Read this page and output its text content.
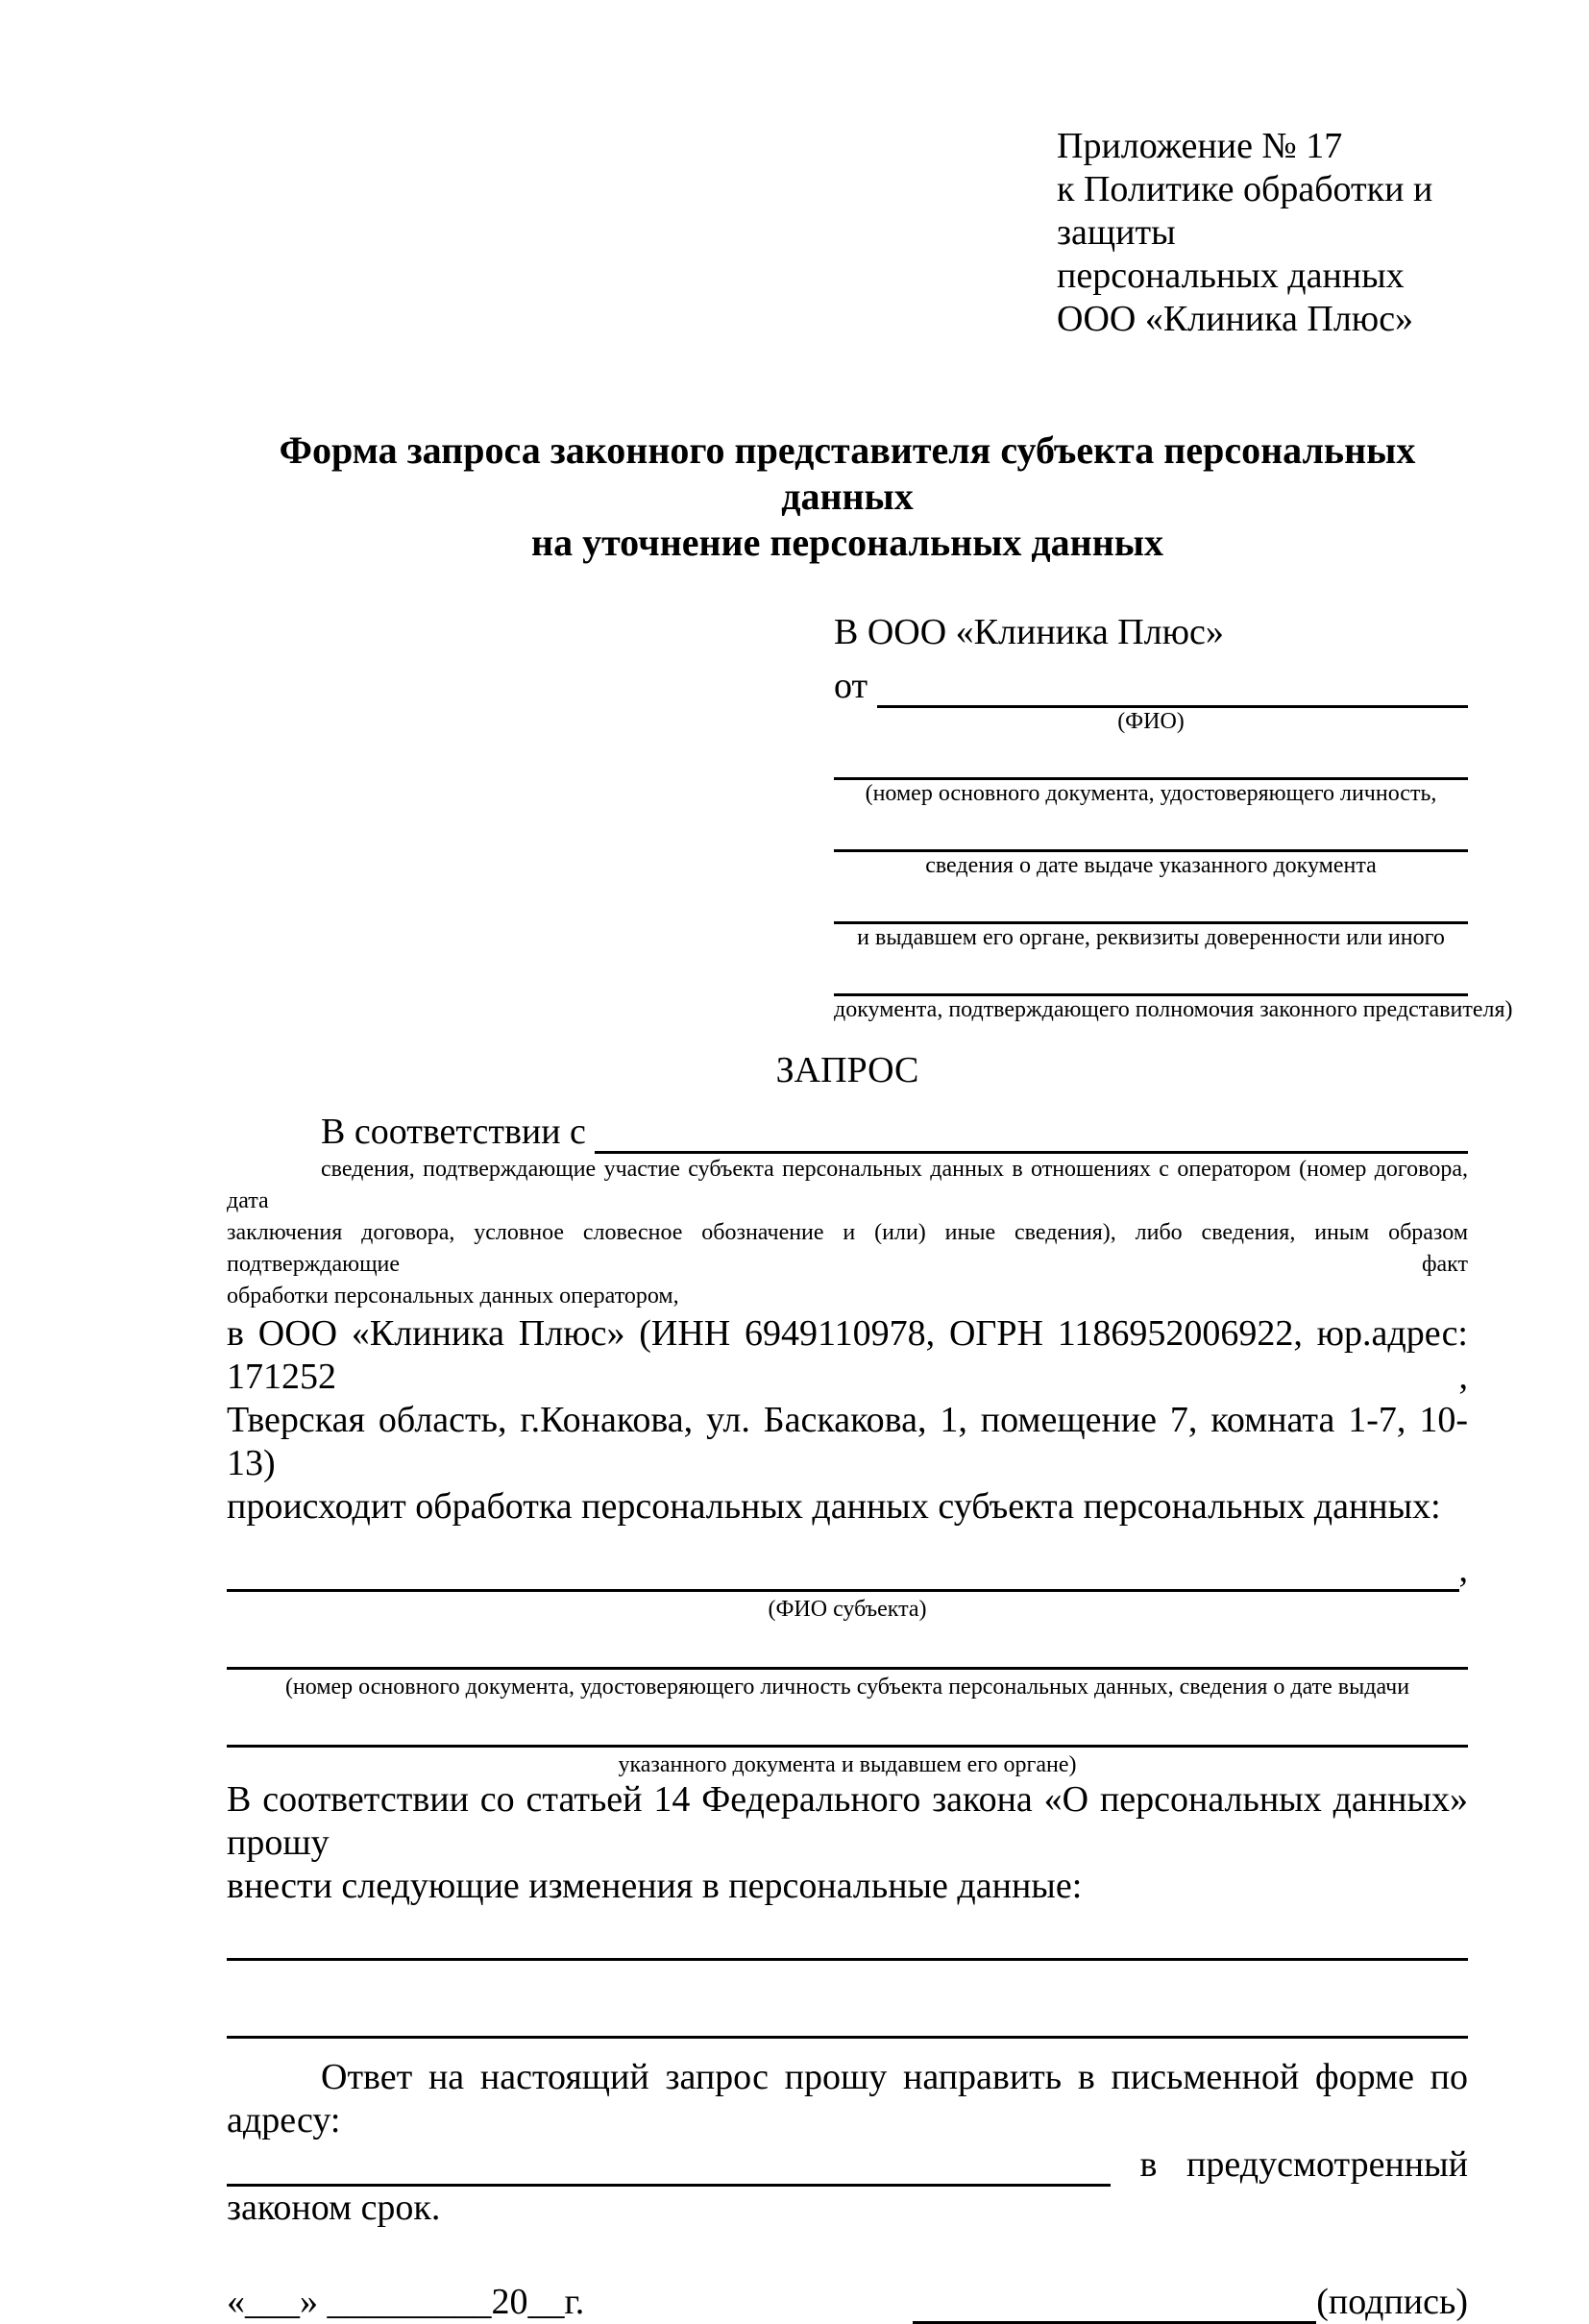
Приложение № 17
к Политике обработки и защиты
персональных данных
ООО «Клиника Плюс»
Форма запроса законного представителя субъекта персональных данных
на уточнение персональных данных
В ООО «Клиника Плюс»
от
(ФИО)
(номер основного документа, удостоверяющего личность,
сведения о дате выдаче указанного документа
и выдавшем его органе, реквизиты доверенности или иного
документа, подтверждающего полномочия законного представителя)
ЗАПРОС
В соответствии с
сведения, подтверждающие участие субъекта персональных данных в отношениях с оператором (номер договора, дата
заключения договора, условное словесное обозначение и (или) иные сведения), либо сведения, иным образом подтверждающие факт
обработки персональных данных оператором,
в ООО «Клиника Плюс» (ИНН 6949110978, ОГРН 1186952006922, юр.адрес: 171252 ,
Тверская область, г.Конакова, ул. Баскакова, 1, помещение 7, комната 1-7, 10-13)
происходит обработка персональных данных субъекта персональных данных:
,
(ФИО субъекта)
(номер основного документа, удостоверяющего личность субъекта персональных данных, сведения о дате выдачи
указанного документа и выдавшем его органе)
В соответствии со статьей 14 Федерального закона «О персональных данных» прошу
внести следующие изменения в персональные данные:
Ответ на настоящий запрос прошу направить в письменной форме по адресу:
в предусмотренный
законом срок.
«___» _________20__г.	(подпись)
